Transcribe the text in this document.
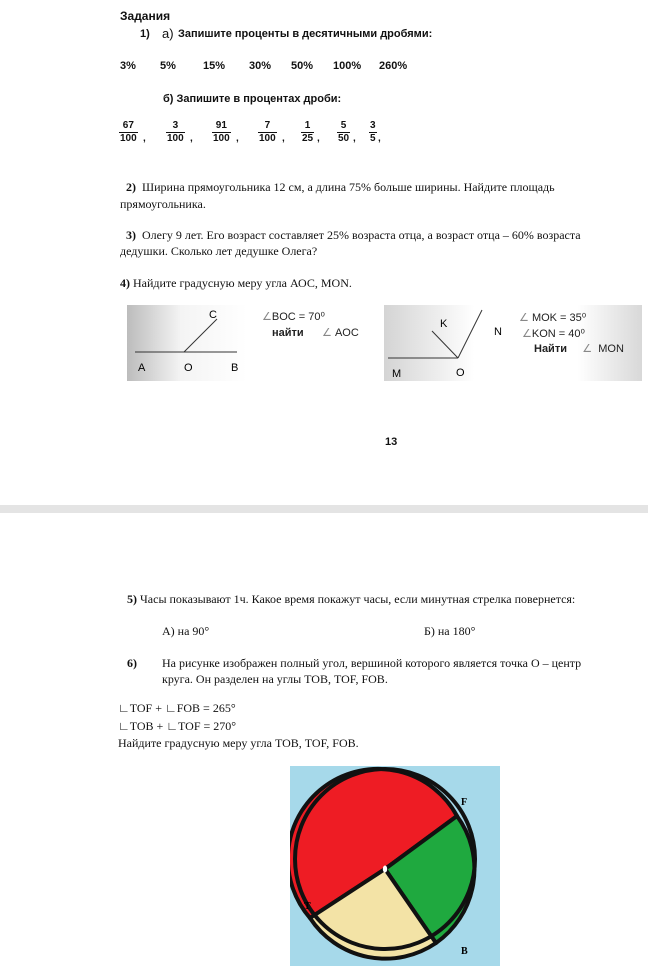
Задания
1) а) Запишите проценты в десятичными дробями:
3% 5% 15% 30% 50% 100% 260%
б) Запишите в процентах дроби:
$\frac{67}{100}$ , $\frac{3}{100}$ , $\frac{91}{100}$ , $\frac{7}{100}$ , $\frac{1}{25}$ , $\frac{5}{50}$ , $\frac{3}{5}$ ,
2) Ширина прямоугольника 12 см, а длина 75% больше ширины. Найдите площадь
прямоугольника.
3) Олегу 9 лет. Его возраст составляет 25% возраста отца, а возраст отца – 60% возраста
дедушки. Сколько лет дедушке Олега?
4) Найдите градусную меру угла АОС, MON.
C
A	O	B
∠BOC = 70⁰
найти ∠ AOC
K
N
M	O
∠ MOK = 35⁰
∠KON = 40⁰
Найти ∠ MON
13
5) Часы показывают 1ч. Какое время покажут часы, если минутная стрелка повернется:
А) на 90°	Б) на 180°
6) На рисунке изображен полный угол, вершиной которого является точка О – центр
круга. Он разделен на углы ТОВ, TOF, FOB.
∟TOF + ∟FOB = 265°
∟TOB + ∟TOF = 270°
Найдите градусную меру угла ТОВ, TOF, FOB.
F
T
B
